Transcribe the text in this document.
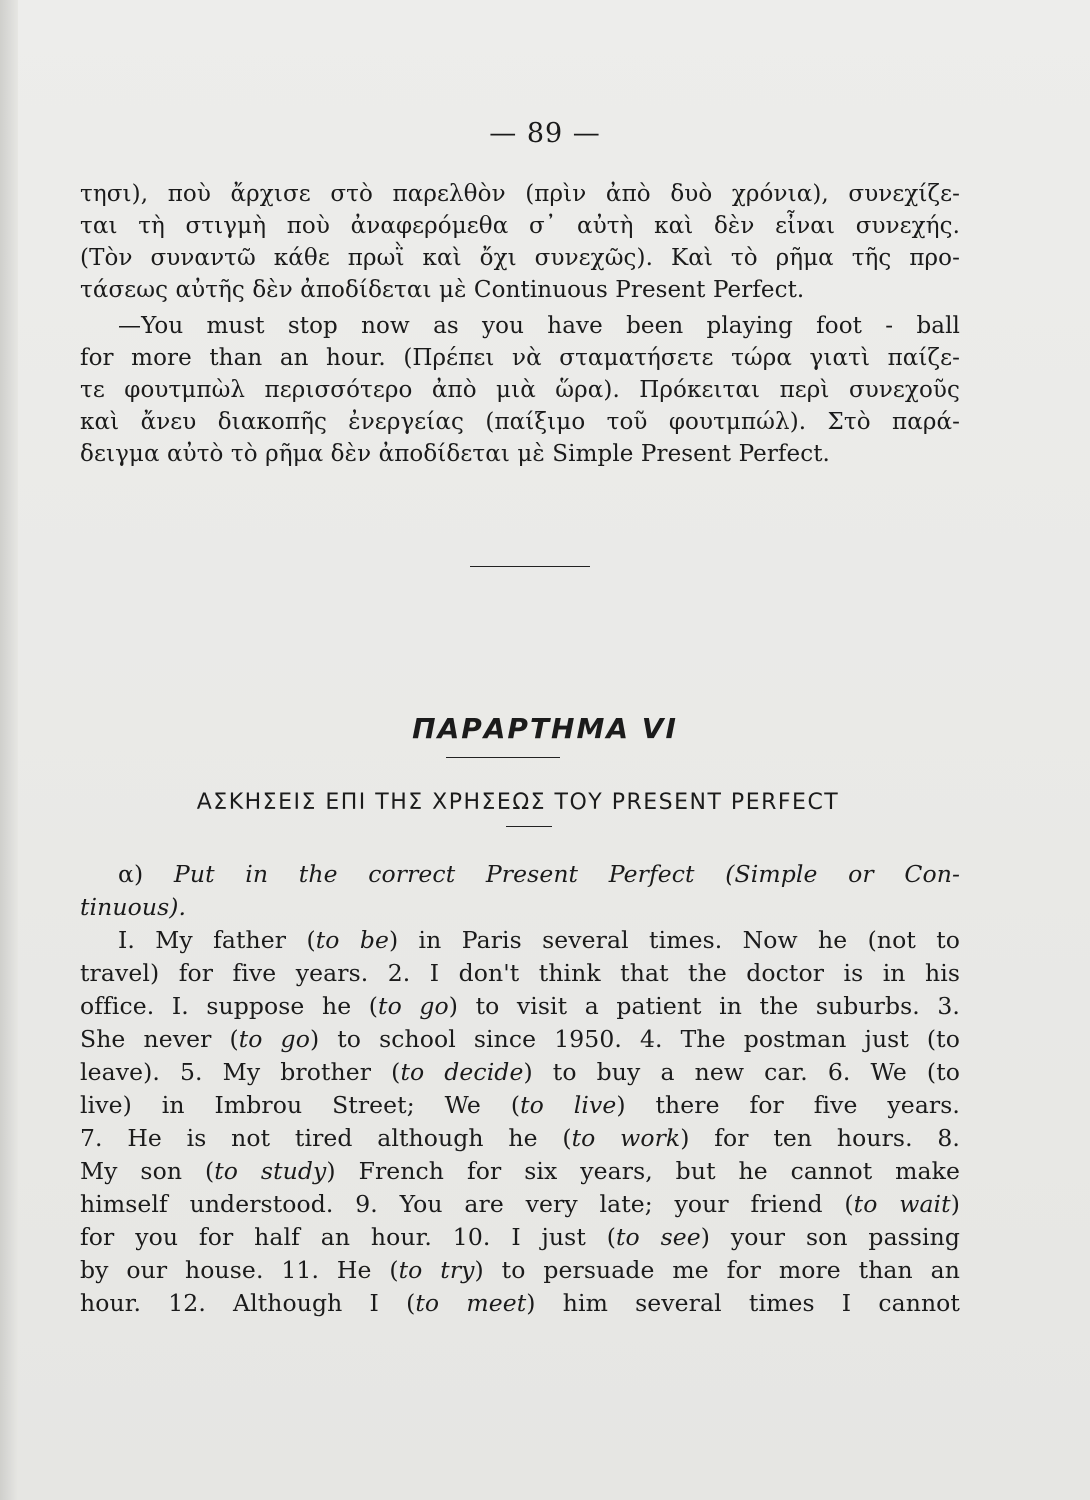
— 89 —
τησι), ποὺ ἄρχισε στὸ παρελθὸν (πρὶν ἀπὸ δυὸ χρόνια), συνεχίζε-
ται τὴ στιγμὴ ποὺ ἀναφερόμεθα σ᾽ αὐτὴ καὶ δὲν εἶναι συνεχής.
(Τὸν συναντῶ κάθε πρωῒ καὶ ὄχι συνεχῶς). Καὶ τὸ ρῆμα τῆς προ-
τάσεως αὐτῆς δὲν ἀποδίδεται μὲ Continuous Present Perfect.
—You must stop now as you have been playing foot - ball
for more than an hour. (Πρέπει νὰ σταματήσετε τώρα γιατὶ παίζε-
τε φουτμπὼλ περισσότερο ἀπὸ μιὰ ὥρα). Πρόκειται περὶ συνεχοῦς
καὶ ἄνευ διακοπῆς ἐνεργείας (παίξιμο τοῦ φουτμπώλ). Στὸ παρά-
δειγμα αὐτὸ τὸ ρῆμα δὲν ἀποδίδεται μὲ Simple Present Perfect.
ΠΑΡΑΡΤΗΜΑ VI
ΑΣΚΗΣΕΙΣ ΕΠΙ ΤΗΣ ΧΡΗΣΕΩΣ ΤΟΥ PRESENT PERFECT
α) Put in the correct Present Perfect (Simple or Con-
tinuous).
I. My father (to be) in Paris several times. Now he (not to
travel) for five years. 2. I don't think that the doctor is in his
office. I. suppose he (to go) to visit a patient in the suburbs. 3.
She never (to go) to school since 1950. 4. The postman just (to
leave). 5. My brother (to decide) to buy a new car. 6. We (to
live) in Imbrou Street; We (to live) there for five years.
7. He is not tired although he (to work) for ten hours. 8.
My son (to study) French for six years, but he cannot make
himself understood. 9. You are very late; your friend (to wait)
for you for half an hour. 10. I just (to see) your son passing
by our house. 11. He (to try) to persuade me for more than an
hour. 12. Although I (to meet) him several times I cannot
